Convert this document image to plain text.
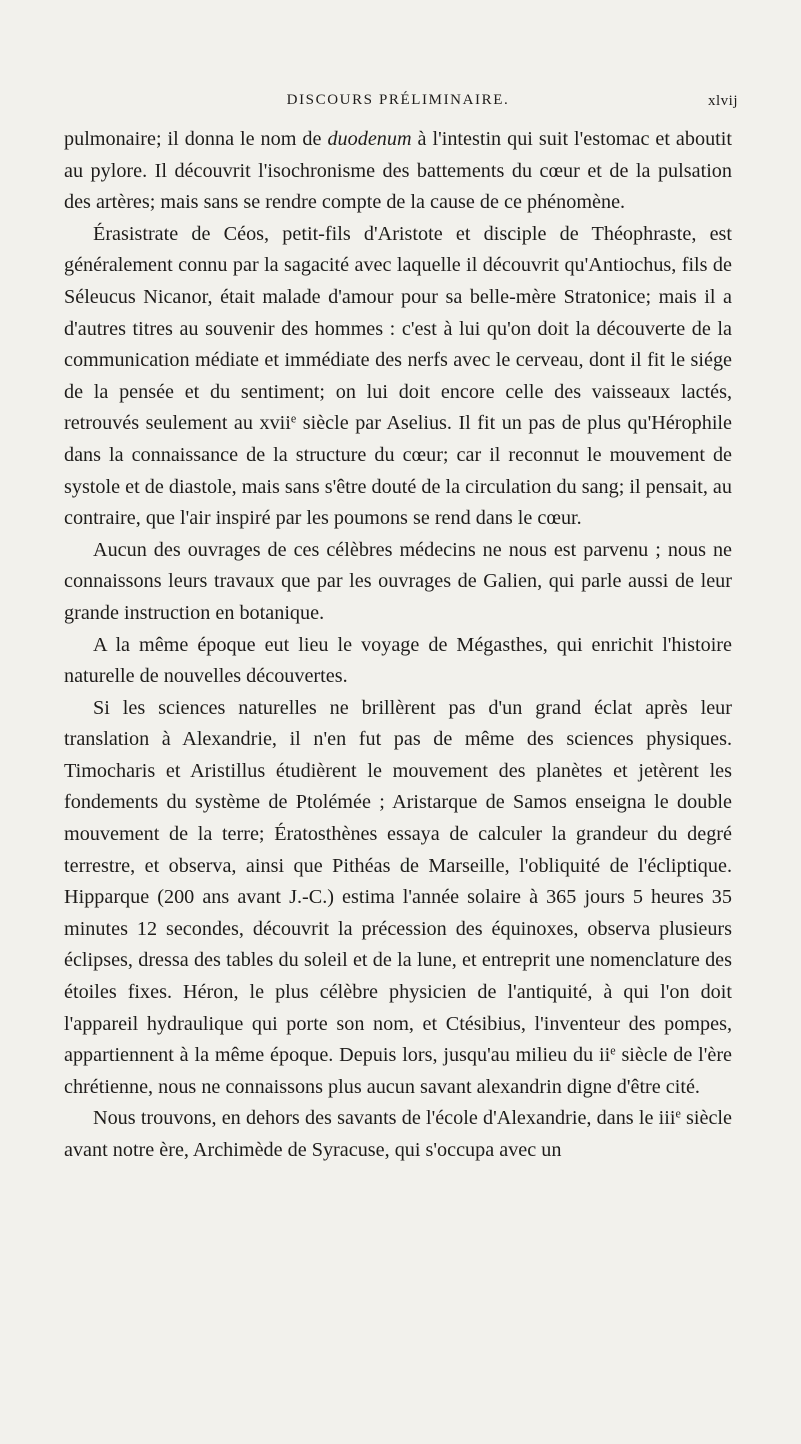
DISCOURS PRÉLIMINAIRE.	xlvij

pulmonaire; il donna le nom de duodenum à l'intestin qui suit l'estomac et aboutit au pylore. Il découvrit l'isochronisme des battements du cœur et de la pulsation des artères; mais sans se rendre compte de la cause de ce phénomène.

Érasistrate de Céos, petit-fils d'Aristote et disciple de Théophraste, est généralement connu par la sagacité avec laquelle il découvrit qu'Antiochus, fils de Séleucus Nicanor, était malade d'amour pour sa belle-mère Stratonice; mais il a d'autres titres au souvenir des hommes : c'est à lui qu'on doit la découverte de la communication médiate et immédiate des nerfs avec le cerveau, dont il fit le siége de la pensée et du sentiment; on lui doit encore celle des vaisseaux lactés, retrouvés seulement au xvii$^e$ siècle par Aselius. Il fit un pas de plus qu'Hérophile dans la connaissance de la structure du cœur; car il reconnut le mouvement de systole et de diastole, mais sans s'être douté de la circulation du sang; il pensait, au contraire, que l'air inspiré par les poumons se rend dans le cœur.

Aucun des ouvrages de ces célèbres médecins ne nous est parvenu ; nous ne connaissons leurs travaux que par les ouvrages de Galien, qui parle aussi de leur grande instruction en botanique.

A la même époque eut lieu le voyage de Mégasthes, qui enrichit l'histoire naturelle de nouvelles découvertes.

Si les sciences naturelles ne brillèrent pas d'un grand éclat après leur translation à Alexandrie, il n'en fut pas de même des sciences physiques. Timocharis et Aristillus étudièrent le mouvement des planètes et jetèrent les fondements du système de Ptolémée ; Aristarque de Samos enseigna le double mouvement de la terre; Ératosthènes essaya de calculer la grandeur du degré terrestre, et observa, ainsi que Pithéas de Marseille, l'obliquité de l'écliptique. Hipparque (200 ans avant J.-C.) estima l'année solaire à 365 jours 5 heures 35 minutes 12 secondes, découvrit la précession des équinoxes, observa plusieurs éclipses, dressa des tables du soleil et de la lune, et entreprit une nomenclature des étoiles fixes. Héron, le plus célèbre physicien de l'antiquité, à qui l'on doit l'appareil hydraulique qui porte son nom, et Ctésibius, l'inventeur des pompes, appartiennent à la même époque. Depuis lors, jusqu'au milieu du $ii^e$ siècle de l'ère chrétienne, nous ne connaissons plus aucun savant alexandrin digne d'être cité.

Nous trouvons, en dehors des savants de l'école d'Alexandrie, dans le iii$^e$ siècle avant notre ère, Archimède de Syracuse, qui s'occupa avec un
